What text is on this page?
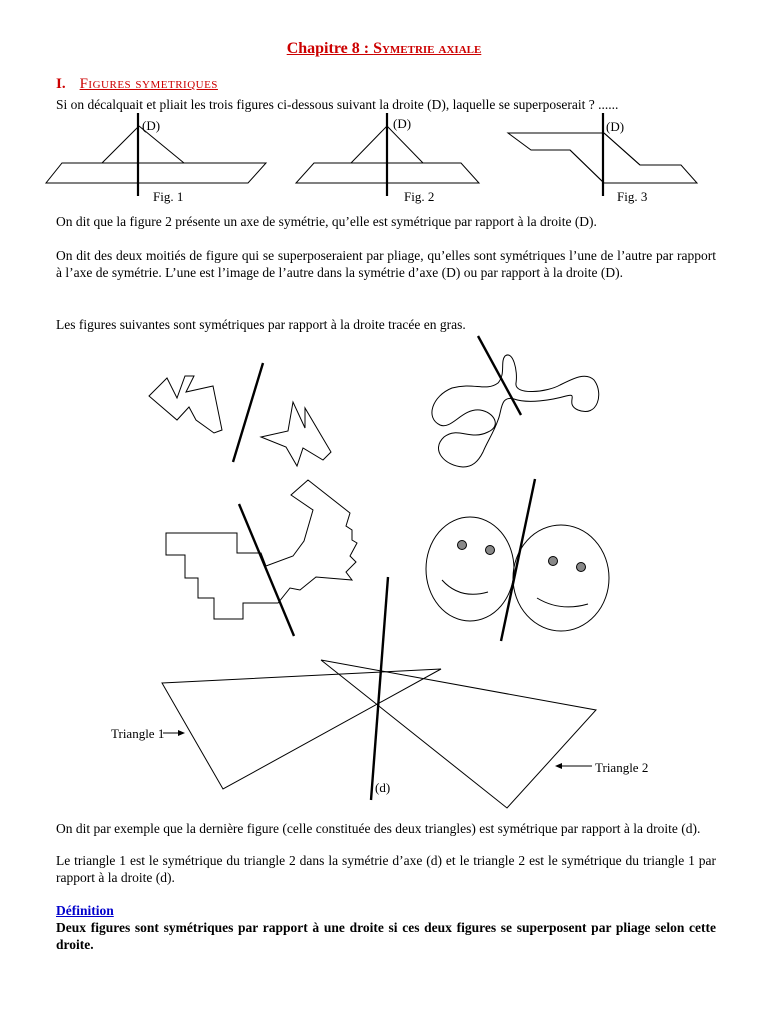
Chapitre 8 : Symetrie axiale
I. Figures symetriques
Si on décalquait et pliait les trois figures ci-dessous suivant la droite (D), laquelle se superposerait ? ......
(D)	(D)	(D)
Fig. 1	Fig. 2	Fig. 3
Triangle 1
Triangle 2
(d)
On dit que la figure 2 présente un axe de symétrie, qu’elle est symétrique par rapport à la droite (D).
On dit des deux moitiés de figure qui se superposeraient par pliage, qu’elles sont symétriques l’une de l’autre par rapport à l’axe de symétrie. L’une est l’image de l’autre dans la symétrie d’axe (D) ou par rapport à la droite (D).
Les figures suivantes sont symétriques par rapport à la droite tracée en gras.
On dit par exemple que la dernière figure (celle constituée des deux triangles) est symétrique par rapport à la droite (d).
Le triangle 1 est le symétrique du triangle 2 dans la symétrie d’axe (d) et le triangle 2 est le symétrique du triangle 1 par rapport à la droite (d).
Définition
Deux figures sont symétriques par rapport à une droite si ces deux figures se superposent par pliage selon cette droite.
